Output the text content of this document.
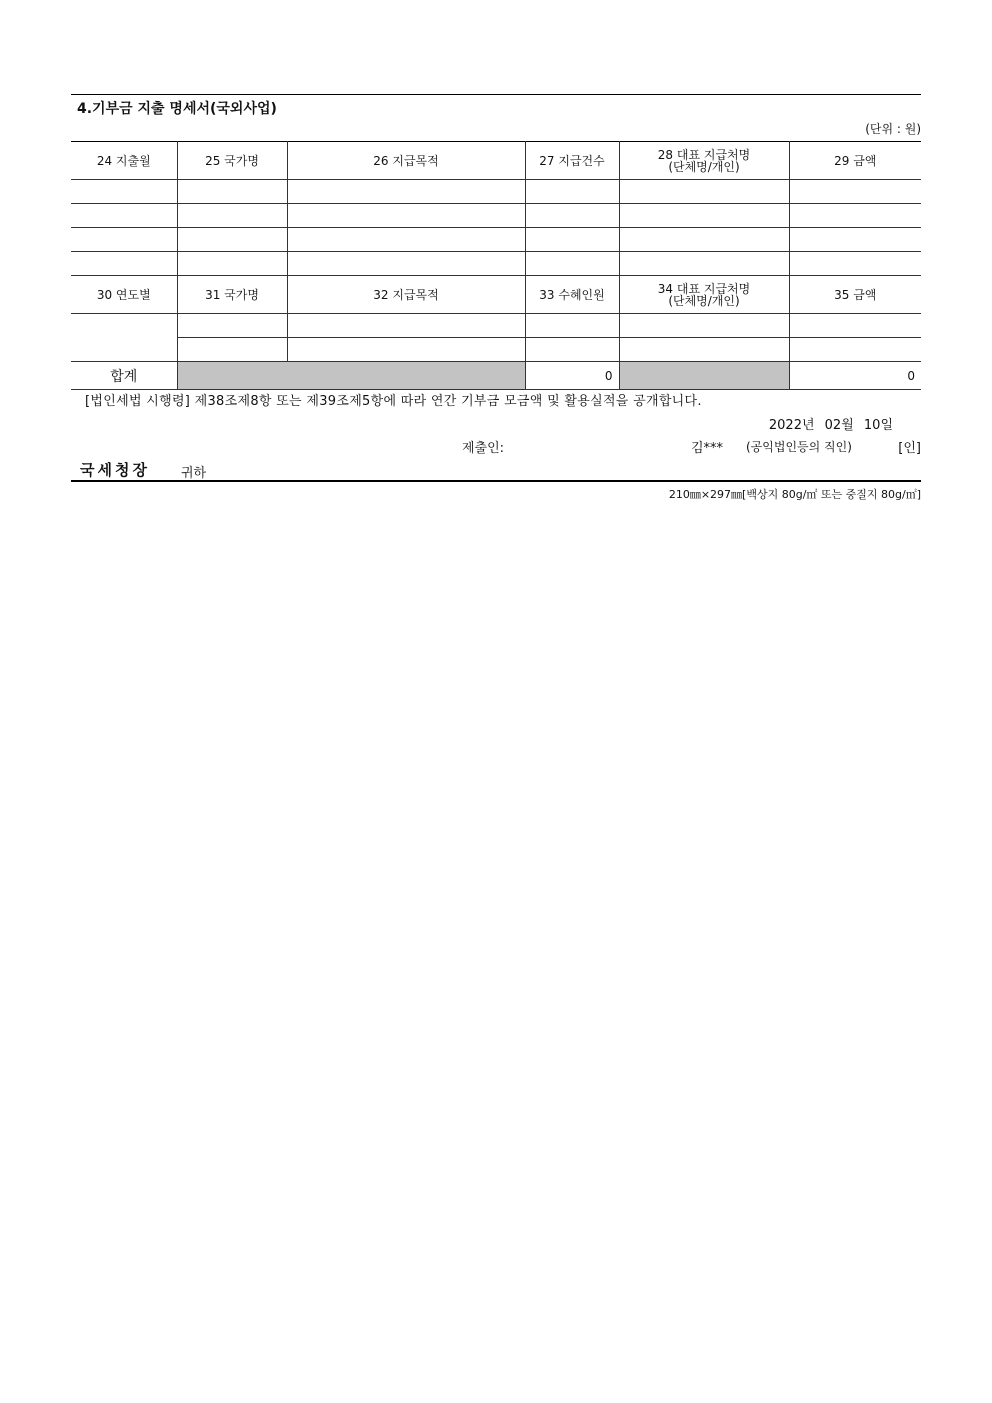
4.기부금 지출 명세서(국외사업)
(단위 : 원)
24 지출월	25 국가명	26 지급목적	27 지급건수	28 대표 지급처명
(단체명/개인)	29 금액

30 연도별	31 국가명	32 지급목적	33 수혜인원	34 대표 지급처명
(단체명/개인)	35 금액

합계			0		0
[법인세법 시행령] 제38조제8항 또는 제39조제5항에 따라 연간 기부금 모금액 및 활용실적을 공개합니다.
2022년 02월 10일
제출인:	김*** (공익법인등의 직인)	[인]
국세청장 귀하
210㎜×297㎜[백상지 80g/㎡ 또는 중질지 80g/㎡]
